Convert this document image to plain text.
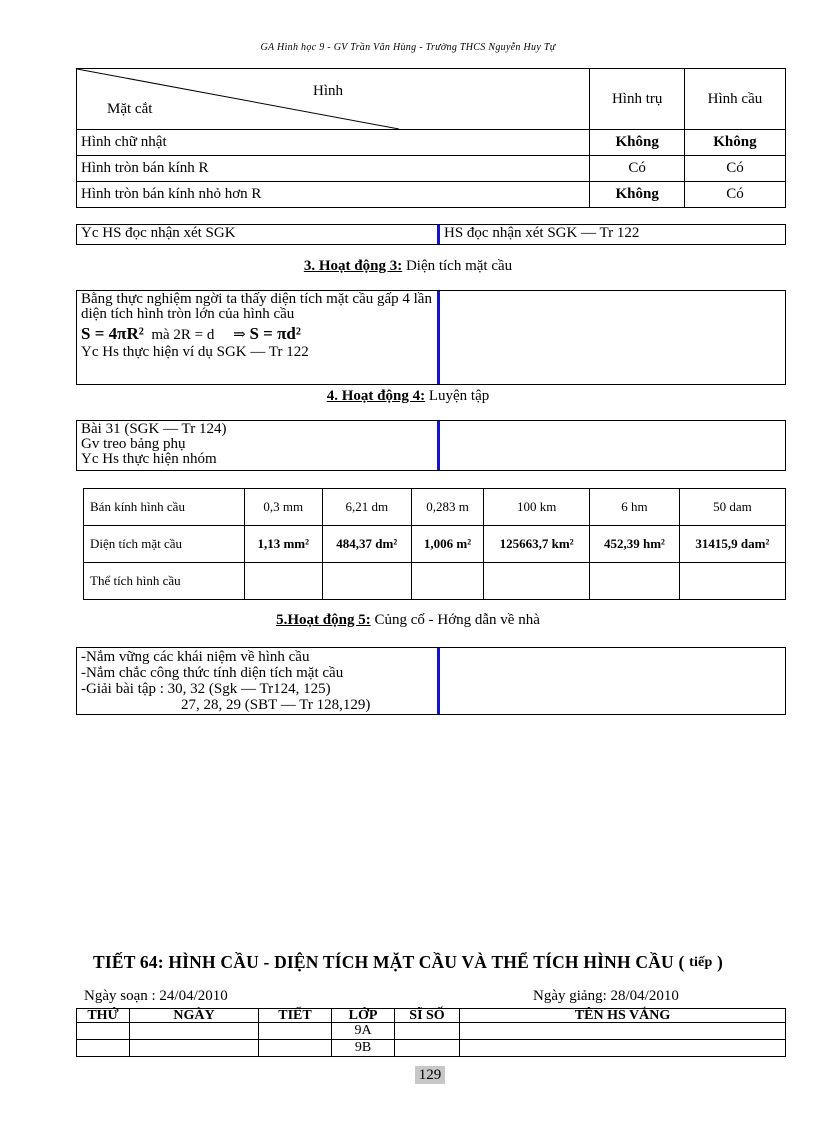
GA Hình học 9 - GV Trần Văn Hùng - Trường THCS Nguyễn Huy Tự
Hình
Mặt cắt	Hình trụ	Hình cầu
Hình chữ nhật	Không	Không
Hình tròn bán kính R	Có	Có
Hình tròn bán kính nhỏ hơn R	Không	Có
Yc HS đọc nhận xét SGK	HS đọc nhận xét SGK — Tr 122
3. Hoạt động 3: Diện tích mặt cầu
Bằng thực nghiệm ngời ta thấy diện tích mặt cầu gấp 4 lần diện tích hình tròn lớn của hình cầu
S = 4πR² mà 2R = d ⇒ S = πd²
Yc Hs thực hiện ví dụ SGK — Tr 122
4. Hoạt động 4: Luyện tập
Bài 31 (SGK — Tr 124)
Gv treo bảng phụ
Yc Hs thực hiện nhóm
Bán kính hình cầu	0,3 mm	6,21 dm	0,283 m	100 km	6 hm	50 dam
Diện tích mặt cầu	1,13 mm²	484,37 dm²	1,006 m²	125663,7 km²	452,39 hm²	31415,9 dam²
Thể tích hình cầu						
5.Hoạt động 5: Củng cố - Hớng dẫn về nhà
-Nắm vững các khái niệm về hình cầu
-Nắm chắc công thức tính diện tích mặt cầu
-Giải bài tập : 30, 32 (Sgk — Tr124, 125)
27, 28, 29 (SBT — Tr 128,129)
TIẾT 64: HÌNH CẦU - DIỆN TÍCH MẶT CẦU VÀ THỂ TÍCH HÌNH CẦU ( tiếp )
Ngày soạn : 24/04/2010	Ngày giảng: 28/04/2010
THỨ	NGÀY	TIẾT	LỚP	SĨ SỐ	TÊN HS VẮNG
			9A		
			9B		
129
